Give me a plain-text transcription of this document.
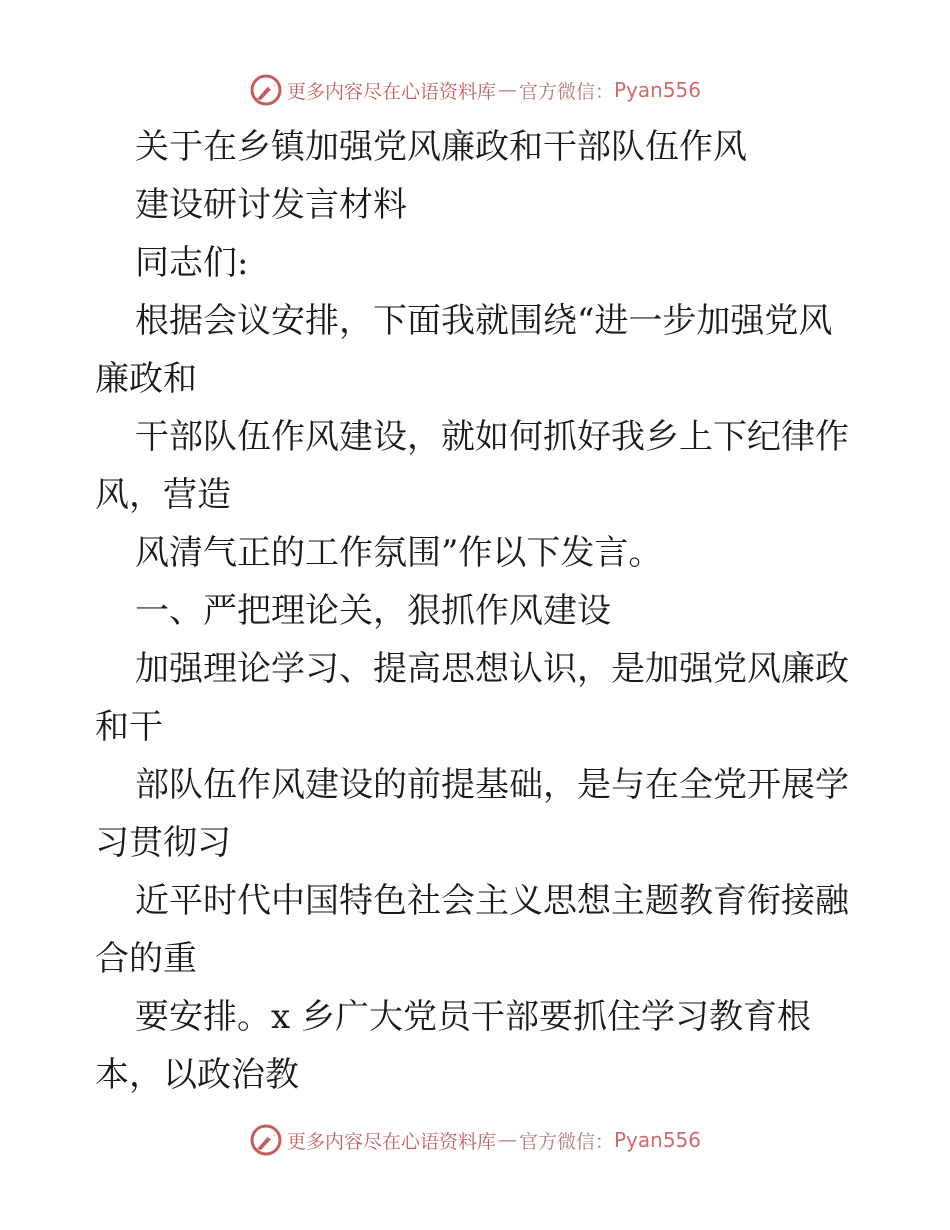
更多内容尽在心语资料库 — 官方微信： Pyan556
关于在乡镇加强党风廉政和干部队伍作风
建设研讨发言材料
同志们:
根据会议安排，下面我就围绕“进一步加强党风
廉政和
干部队伍作风建设，就如何抓好我乡上下纪律作
风，营造
风清气正的工作氛围”作以下发言。
一、严把理论关，狠抓作风建设
加强理论学习、提高思想认识，是加强党风廉政
和干
部队伍作风建设的前提基础，是与在全党开展学
习贯彻习
近平时代中国特色社会主义思想主题教育衔接融
合的重
要安排。x 乡广大党员干部要抓住学习教育根
本，以政治教
更多内容尽在心语资料库 — 官方微信： Pyan556
